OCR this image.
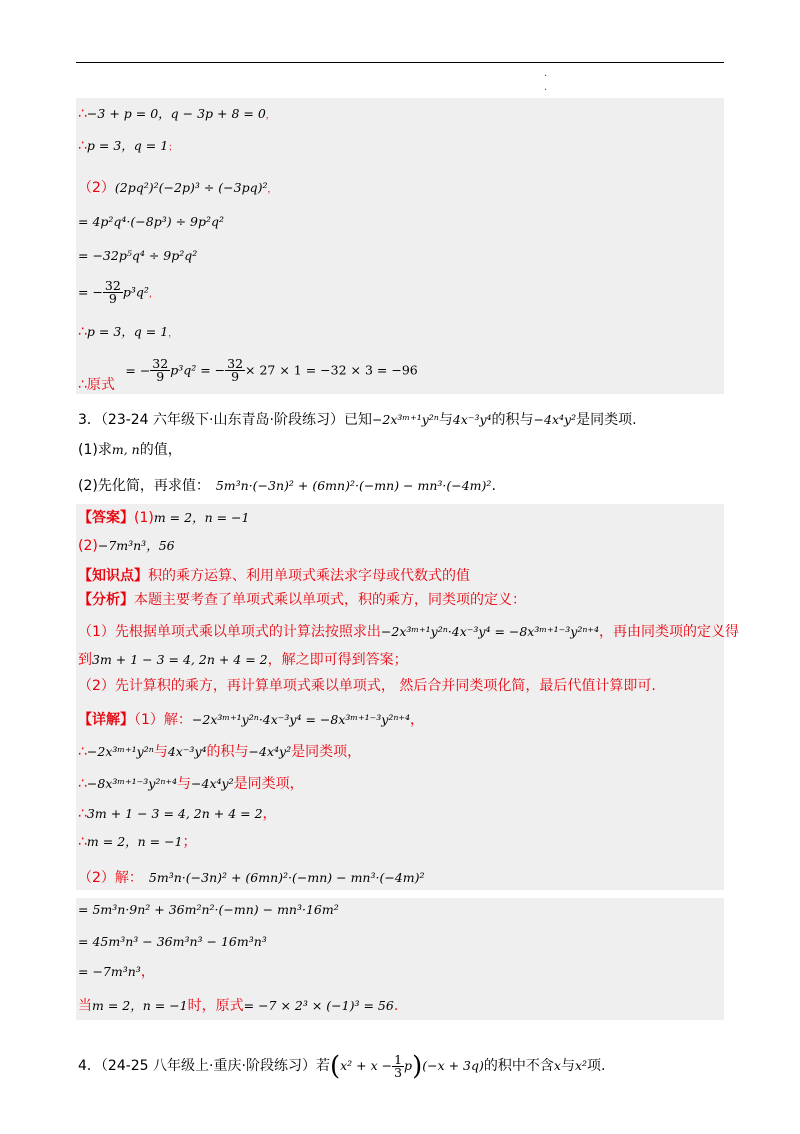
·
·
∴−3 + p = 0，q − 3p + 8 = 0，
∴p = 3，q = 1；
（2）(2pq²)²(−2p)³ ÷ (−3pq)²，
= 4p²q⁴·(−8p³) ÷ 9p²q²
= −32p⁵q⁴ ÷ 9p²q²
= − $\frac{32}{9} p^3q^2$，
∴p = 3，q = 1，
∴原式 = − $\frac{32}{9} p^3q^2$ = − $\frac{32}{9} \times 27 \times 1 = -32 \times 3 = -96$
3．（23-24 六年级下·山东青岛·阶段练习）已知−2x³ᵐ⁺¹y²ⁿ与4x⁻³y⁴的积与−4x⁴y²是同类项.
(1)求m, n的值，
(2)先化简，再求值： 5m³n·(−3n)² + (6mn)²·(−mn) − mn³·(−4m)².
【答案】(1)m = 2，n = −1
(2)−7m³n³，56
【知识点】积的乘方运算、利用单项式乘法求字母或代数式的值
【分析】本题主要考查了单项式乘以单项式，积的乘方，同类项的定义：
（1）先根据单项式乘以单项式的计算法按照求出−2x³ᵐ⁺¹y²ⁿ·4x⁻³y⁴ = −8x³ᵐ⁺¹⁻³y²ⁿ⁺⁴，再由同类项的定义得
到3m + 1 − 3 = 4, 2n + 4 = 2，解之即可得到答案；
（2）先计算积的乘方，再计算单项式乘以单项式， 然后合并同类项化简，最后代值计算即可.
【详解】（1）解：−2x³ᵐ⁺¹y²ⁿ·4x⁻³y⁴ = −8x³ᵐ⁺¹⁻³y²ⁿ⁺⁴，
∴−2x³ᵐ⁺¹y²ⁿ与4x⁻³y⁴的积与−4x⁴y²是同类项，
∴−8x³ᵐ⁺¹⁻³y²ⁿ⁺⁴与−4x⁴y²是同类项，
∴3m + 1 − 3 = 4, 2n + 4 = 2，
∴m = 2，n = −1；
（2）解： 5m³n·(−3n)² + (6mn)²·(−mn) − mn³·(−4m)²
= 5m³n·9n² + 36m²n²·(−mn) − mn³·16m²
= 45m³n³ − 36m³n³ − 16m³n³
= −7m³n³，
当m = 2，n = −1时，原式= −7 × 2³ × (−1)³ = 56.
4．（24-25 八年级上·重庆·阶段练习）若$(x^2 + x - \frac{1}{3} p)(-x + 3q)$的积中不含x与x²项.
